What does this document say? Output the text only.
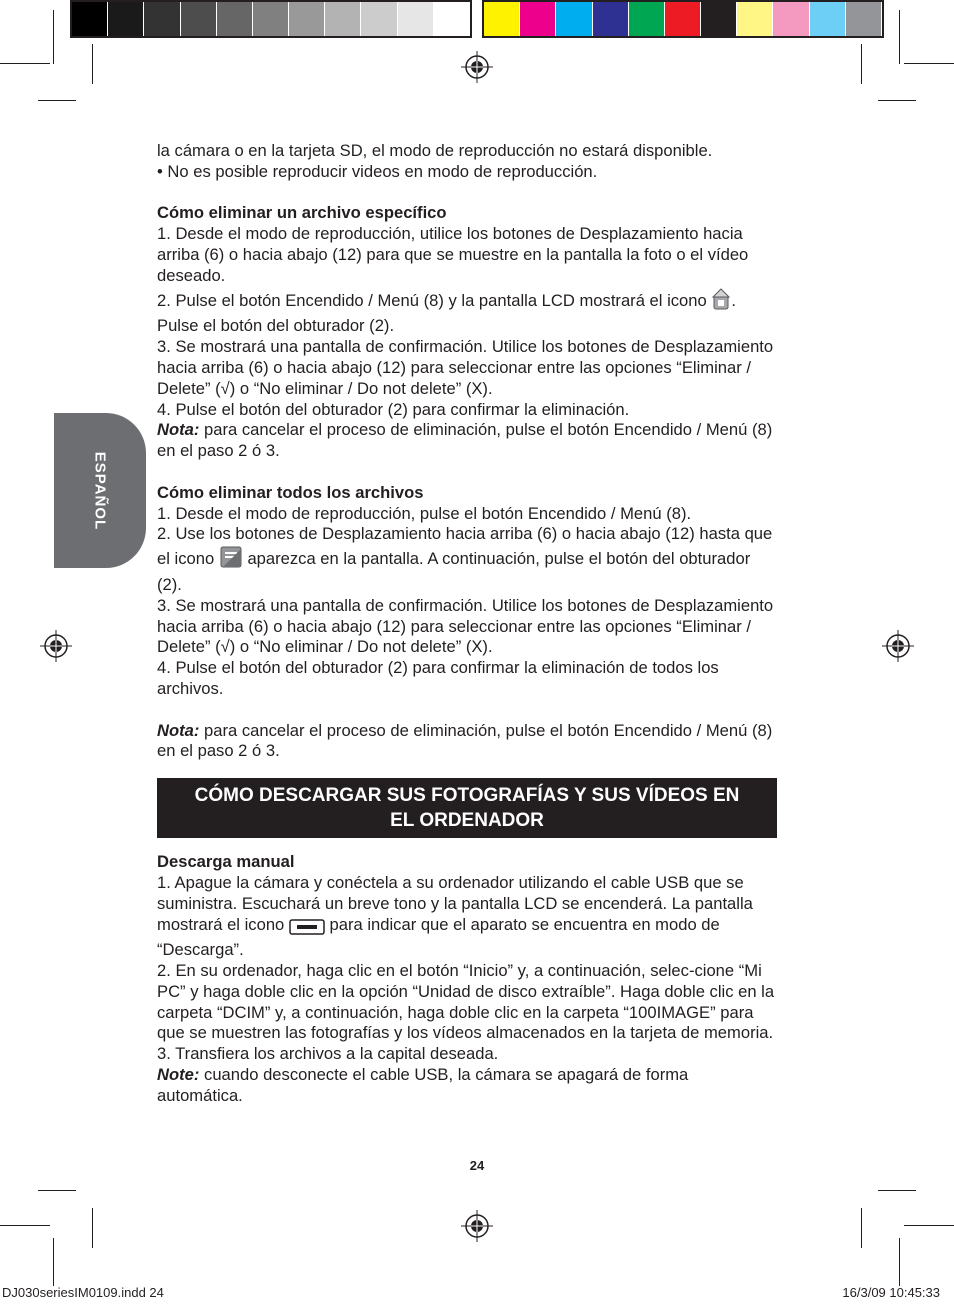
ESPAÑOL

la cámara o en la tarjeta SD, el modo de reproducción no estará disponible.

• No es posible reproducir videos en modo de reproducción.

Cómo eliminar un archivo específico

1. Desde el modo de reproducción, utilice los botones de Desplazamiento hacia arriba (6) o hacia abajo (12) para que se muestre en la pantalla la foto o el vídeo deseado.

2. Pulse el botón Encendido / Menú (8) y la pantalla LCD mostrará el icono . Pulse el botón del obturador (2).

3. Se mostrará una pantalla de confirmación. Utilice los botones de Desplazamiento hacia arriba (6) o hacia abajo (12) para seleccionar entre las opciones “Eliminar / Delete” (√) o “No eliminar / Do not delete” (X).

4. Pulse el botón del obturador (2) para confirmar la eliminación.

Nota: para cancelar el proceso de eliminación, pulse el botón Encendido / Menú (8) en el paso 2 ó 3.

Cómo eliminar todos los archivos

1. Desde el modo de reproducción, pulse el botón Encendido / Menú (8).

2. Use los botones de Desplazamiento hacia arriba (6) o hacia abajo (12) hasta que el icono  aparezca en la pantalla. A continuación, pulse el botón del obturador (2).

3. Se mostrará una pantalla de confirmación. Utilice los botones de Desplazamiento hacia arriba (6) o hacia abajo (12) para seleccionar entre las opciones “Eliminar / Delete” (√) o “No eliminar / Do not delete” (X).

4. Pulse el botón del obturador (2) para confirmar la eliminación de todos los archivos.

Nota: para cancelar el proceso de eliminación, pulse el botón Encendido / Menú (8) en el paso 2 ó 3.

CÓMO DESCARGAR SUS FOTOGRAFÍAS Y SUS VÍDEOS EN
EL ORDENADOR

Descarga manual

1. Apague la cámara y conéctela a su ordenador utilizando el cable USB que se suministra. Escuchará un breve tono y la pantalla LCD se encenderá. La pantalla mostrará el icono  para indicar que el aparato se encuentra en modo de “Descarga”.

2. En su ordenador, haga clic en el botón “Inicio” y, a continuación, selec-cione “Mi PC” y haga doble clic en la opción “Unidad de disco extraíble”. Haga doble clic en la carpeta “DCIM” y, a continuación, haga doble clic en la carpeta “100IMAGE” para que se muestren las fotografías y los vídeos almacenados en la tarjeta de memoria.

3. Transfiera los archivos a la capital deseada.

Note: cuando desconecte el cable USB, la cámara se apagará de forma automática.

24
DJ030seriesIM0109.indd 24	16/3/09 10:45:33
